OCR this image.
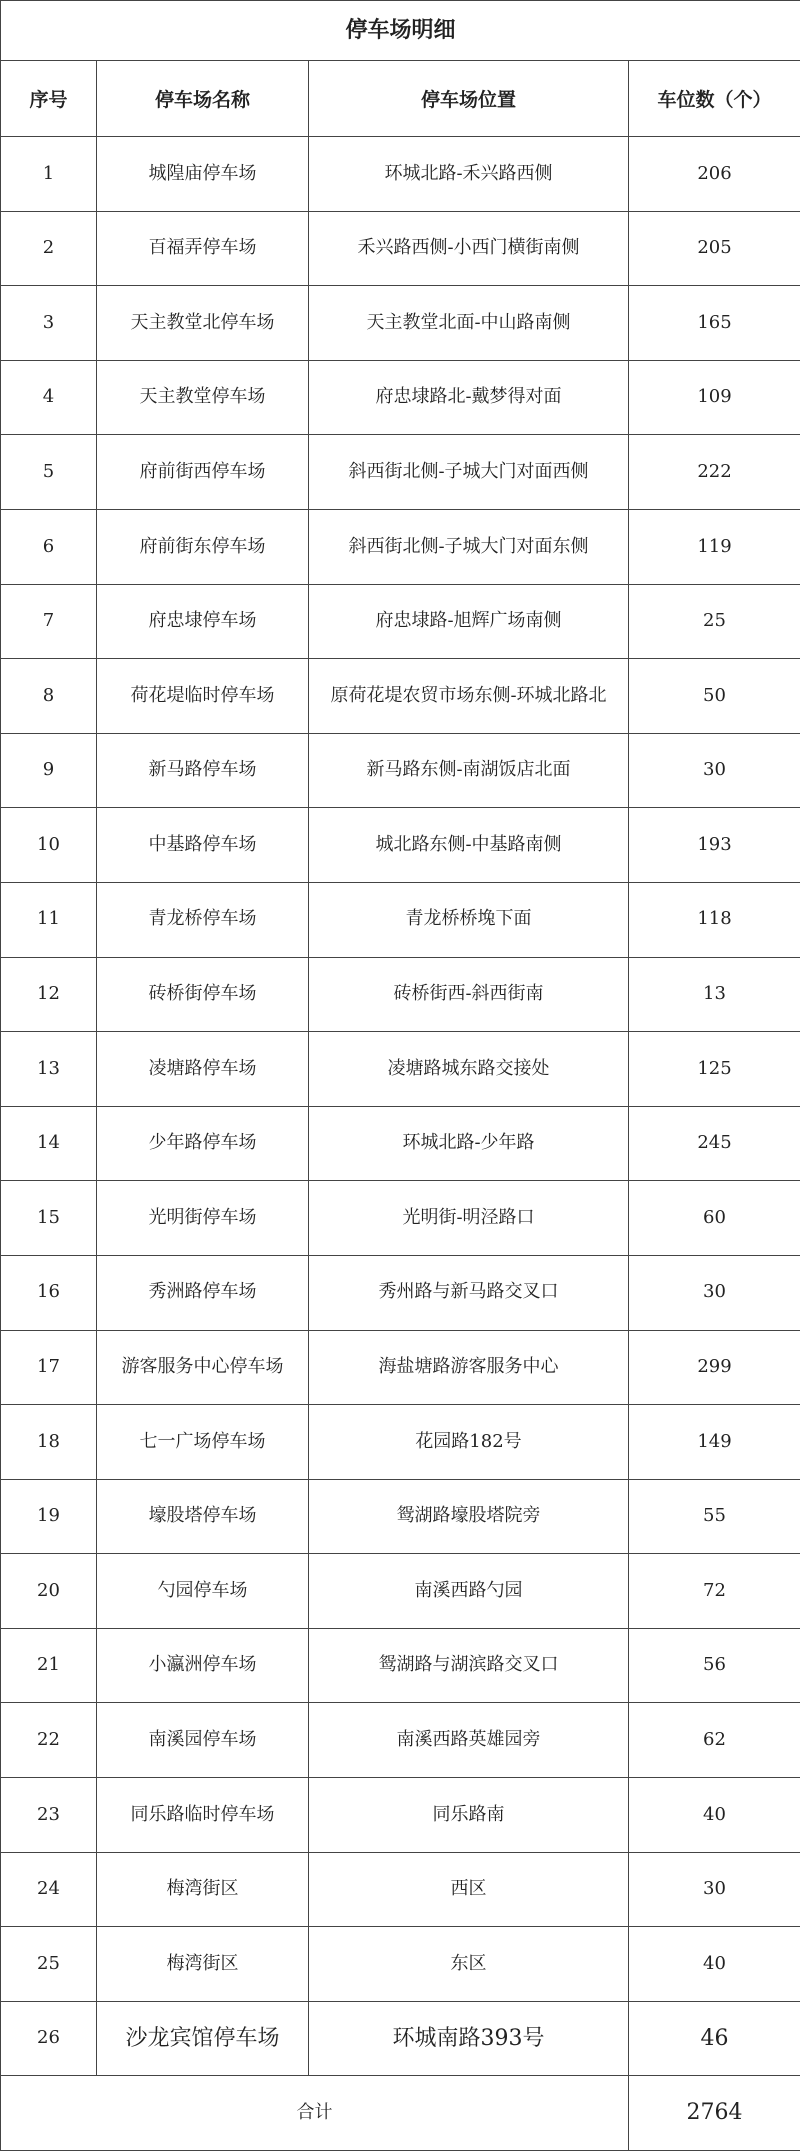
停车场明细			
序号	停车场名称	停车场位置	车位数（个）
1	城隍庙停车场	环城北路-禾兴路西侧	206
2	百福弄停车场	禾兴路西侧-小西门横街南侧	205
3	天主教堂北停车场	天主教堂北面-中山路南侧	165
4	天主教堂停车场	府忠埭路北-戴梦得对面	109
5	府前街西停车场	斜西街北侧-子城大门对面西侧	222
6	府前街东停车场	斜西街北侧-子城大门对面东侧	119
7	府忠埭停车场	府忠埭路-旭辉广场南侧	25
8	荷花堤临时停车场	原荷花堤农贸市场东侧-环城北路北	50
9	新马路停车场	新马路东侧-南湖饭店北面	30
10	中基路停车场	城北路东侧-中基路南侧	193
11	青龙桥停车场	青龙桥桥堍下面	118
12	砖桥街停车场	砖桥街西-斜西街南	13
13	凌塘路停车场	凌塘路城东路交接处	125
14	少年路停车场	环城北路-少年路	245
15	光明街停车场	光明街-明泾路口	60
16	秀洲路停车场	秀州路与新马路交叉口	30
17	游客服务中心停车场	海盐塘路游客服务中心	299
18	七一广场停车场	花园路182号	149
19	壕股塔停车场	鸳湖路壕股塔院旁	55
20	勺园停车场	南溪西路勺园	72
21	小瀛洲停车场	鸳湖路与湖滨路交叉口	56
22	南溪园停车场	南溪西路英雄园旁	62
23	同乐路临时停车场	同乐路南	40
24	梅湾街区	西区	30
25	梅湾街区	东区	40
26	沙龙宾馆停车场	环城南路393号	46
合计			2764
